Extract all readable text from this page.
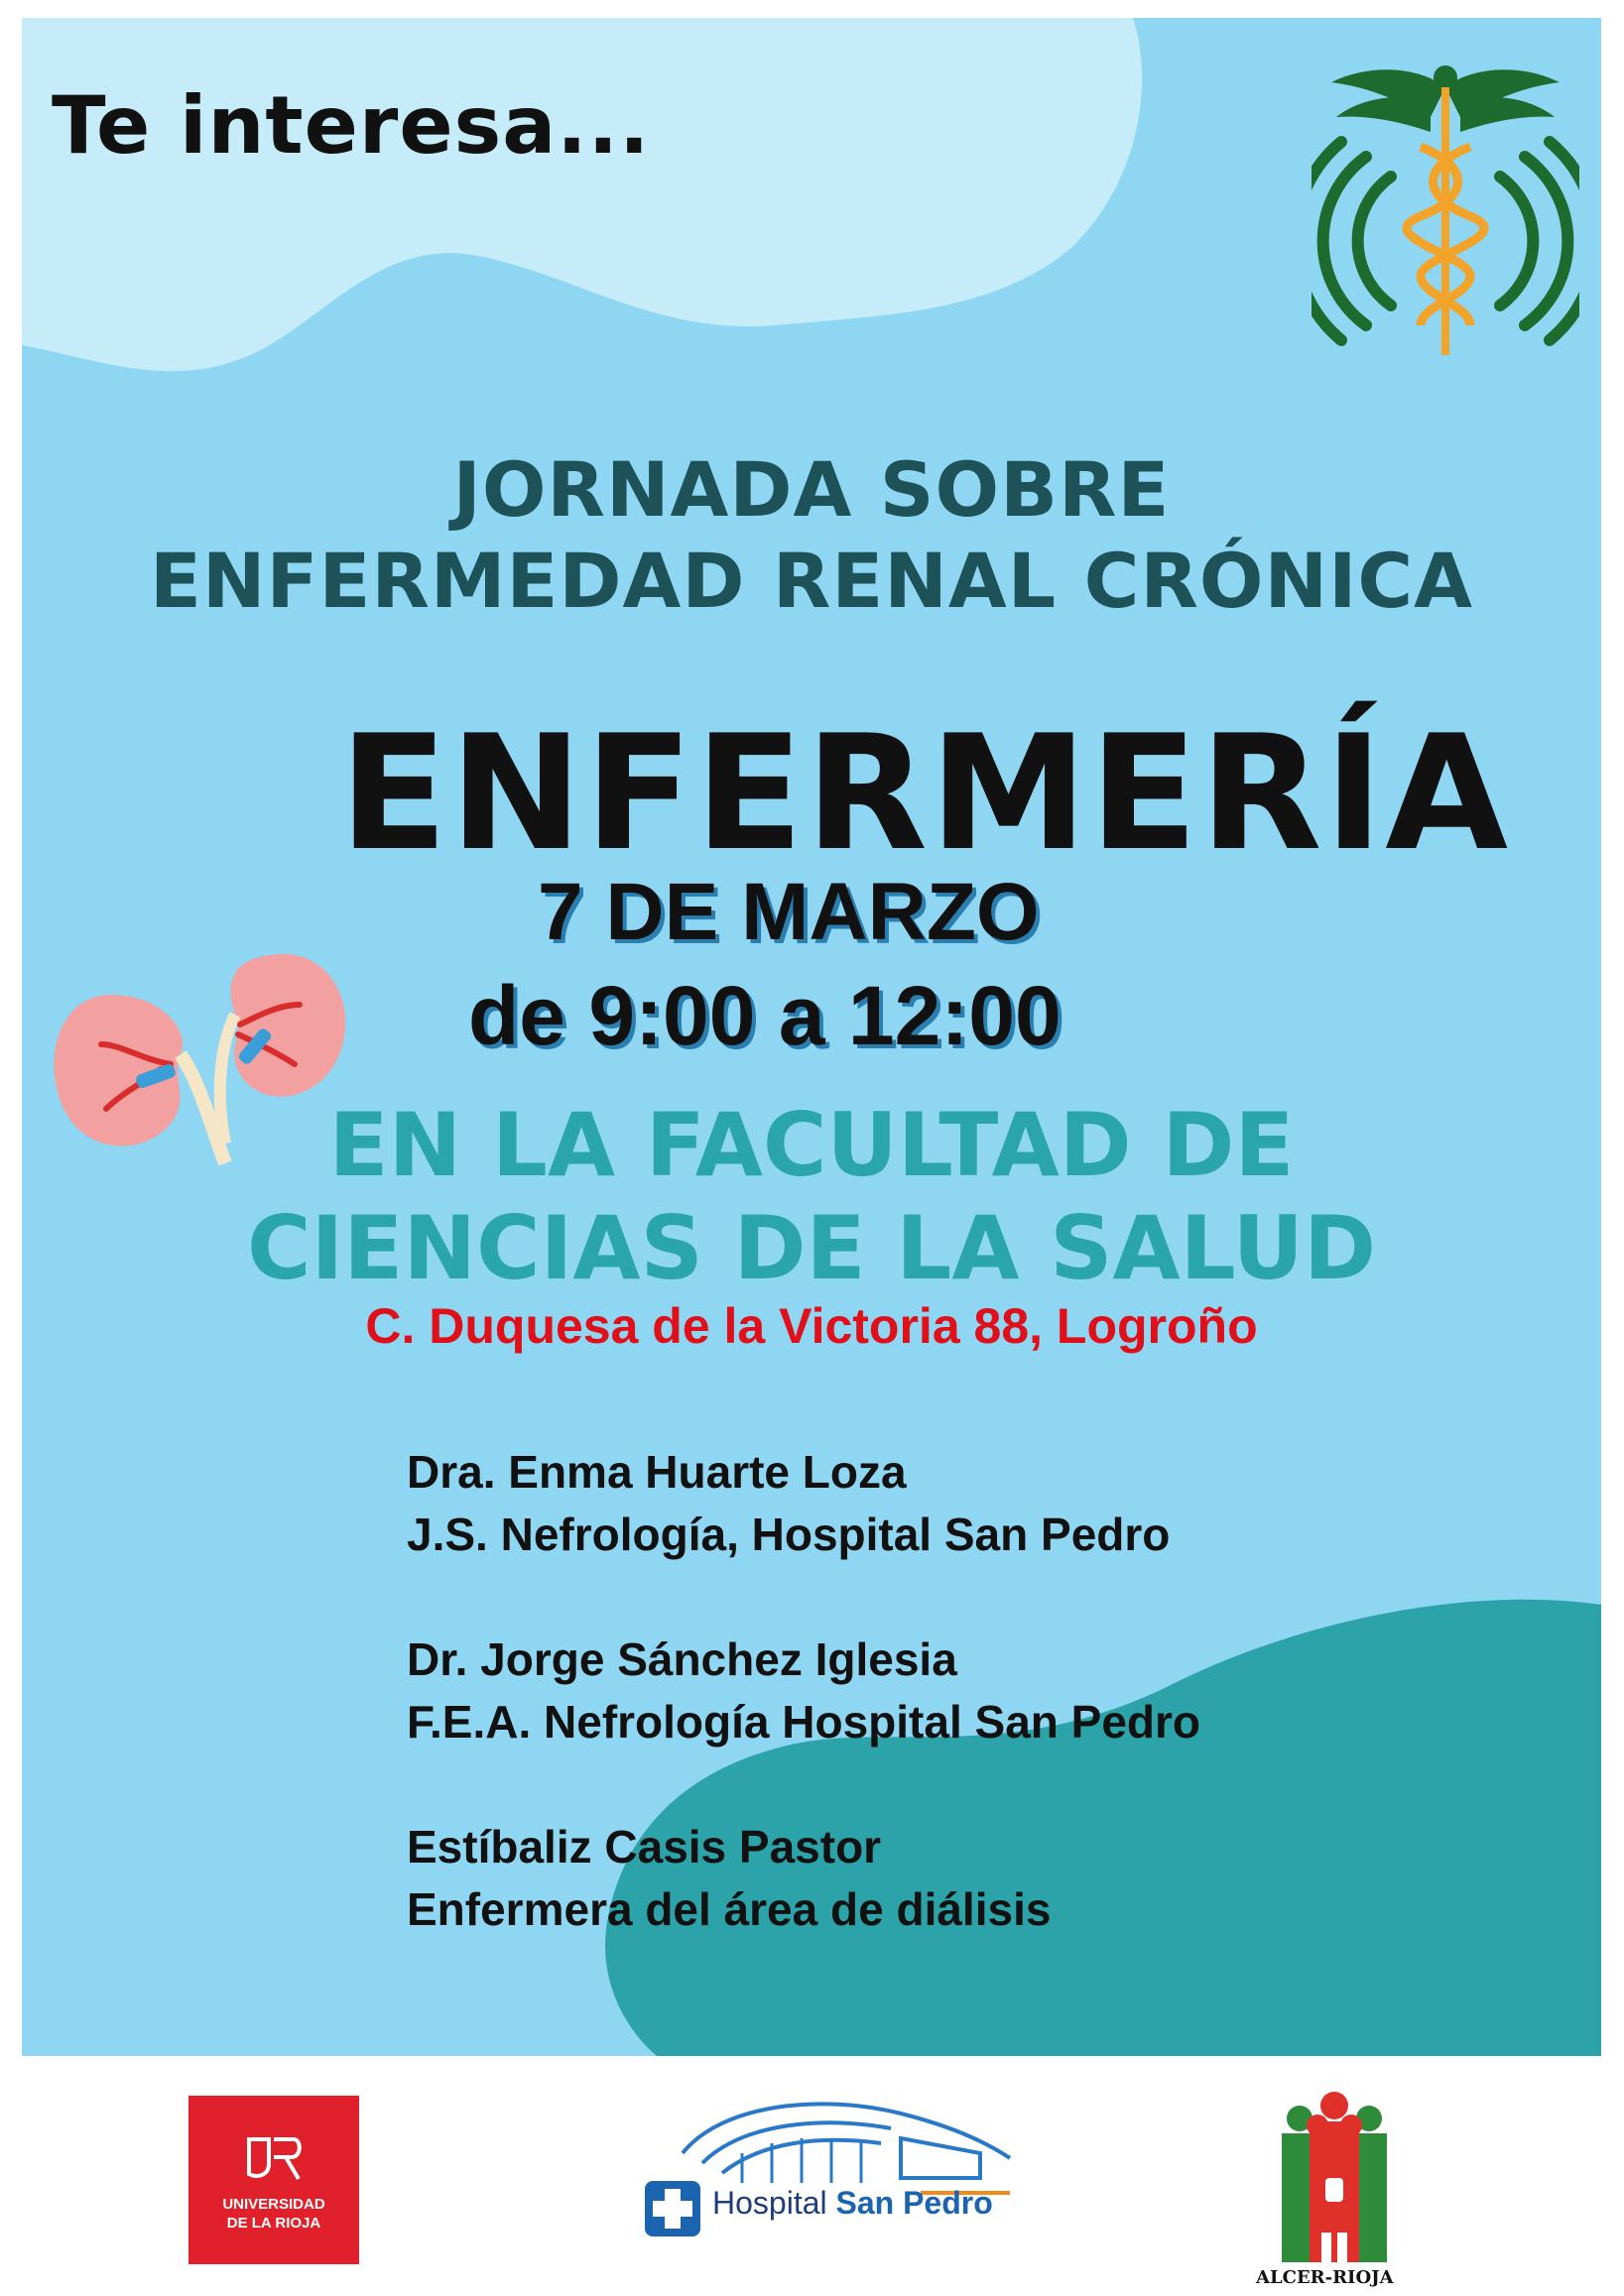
Te interesa...

JORNADA SOBRE
ENFERMEDAD RENAL CRÓNICA
ENFERMERÍA

7 DE MARZO

de 9:00 a 12:00

EN LA FACULTAD DE
CIENCIAS DE LA SALUD

C. Duquesa de la Victoria 88, Logroño

Dra. Enma Huarte Loza
J.S. Nefrología, Hospital San Pedro
Dr. Jorge Sánchez Iglesia
F.E.A. Nefrología Hospital San Pedro
Estíbaliz Casis Pastor
Enfermera del área de diálisis
UNIVERSIDAD
DE LA RIOJA
Hospital San Pedro
ALCER-RIOJA
